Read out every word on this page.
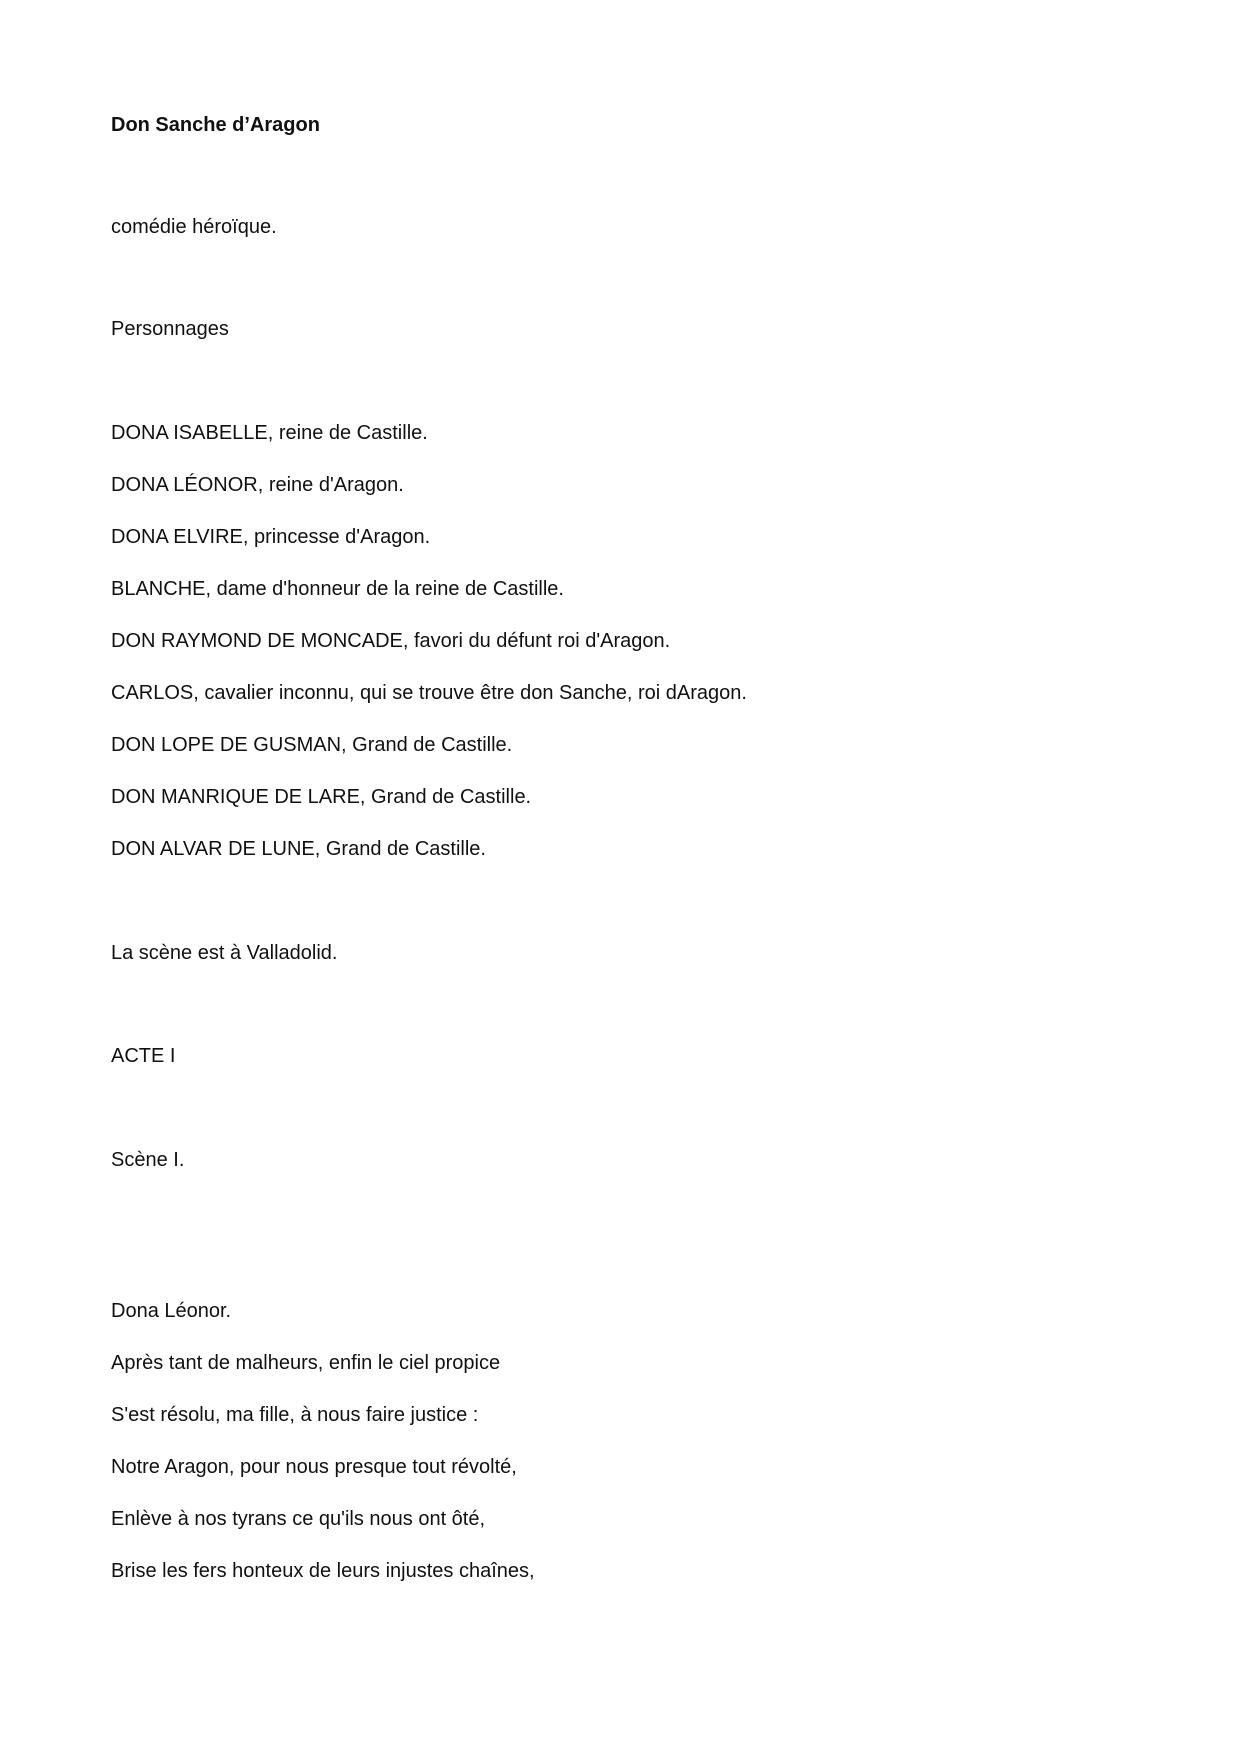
Don Sanche d’Aragon

comédie héroïque.

Personnages

DONA ISABELLE, reine de Castille.

DONA LÉONOR, reine d'Aragon.

DONA ELVIRE, princesse d'Aragon.

BLANCHE, dame d'honneur de la reine de Castille.

DON RAYMOND DE MONCADE, favori du défunt roi d'Aragon.

CARLOS, cavalier inconnu, qui se trouve être don Sanche, roi dAragon.

DON LOPE DE GUSMAN, Grand de Castille.

DON MANRIQUE DE LARE, Grand de Castille.

DON ALVAR DE LUNE, Grand de Castille.

La scène est à Valladolid.

ACTE I

Scène I.

Dona Léonor.

Après tant de malheurs, enfin le ciel propice

S'est résolu, ma fille, à nous faire justice :

Notre Aragon, pour nous presque tout révolté,

Enlève à nos tyrans ce qu'ils nous ont ôté,

Brise les fers honteux de leurs injustes chaînes,
